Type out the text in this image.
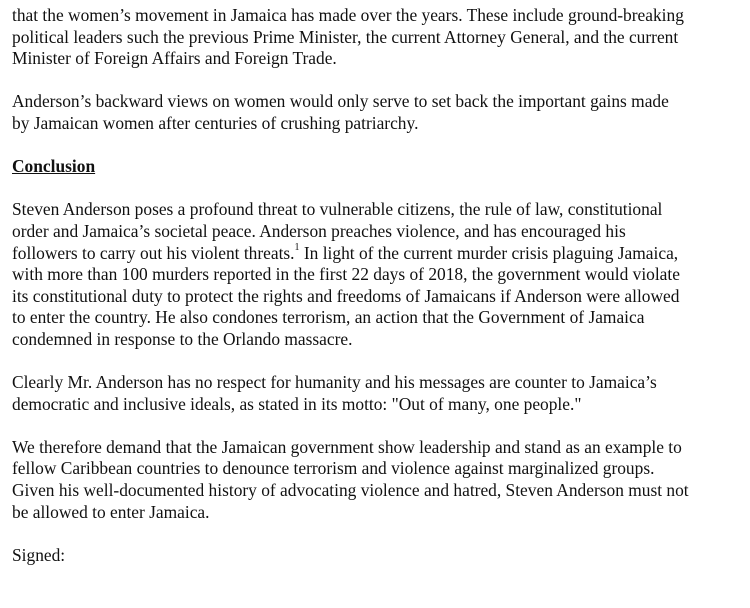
that the women’s movement in Jamaica has made over the years. These include ground-breaking
political leaders such the previous Prime Minister, the current Attorney General, and the current
Minister of Foreign Affairs and Foreign Trade.
Anderson’s backward views on women would only serve to set back the important gains made
by Jamaican women after centuries of crushing patriarchy.
Conclusion
Steven Anderson poses a profound threat to vulnerable citizens, the rule of law, constitutional
order and Jamaica’s societal peace. Anderson preaches violence, and has encouraged his
followers to carry out his violent threats.$^1$ In light of the current murder crisis plaguing Jamaica,
with more than 100 murders reported in the first 22 days of 2018, the government would violate
its constitutional duty to protect the rights and freedoms of Jamaicans if Anderson were allowed
to enter the country. He also condones terrorism, an action that the Government of Jamaica
condemned in response to the Orlando massacre.
Clearly Mr. Anderson has no respect for humanity and his messages are counter to Jamaica’s
democratic and inclusive ideals, as stated in its motto: "Out of many, one people."
We therefore demand that the Jamaican government show leadership and stand as an example to
fellow Caribbean countries to denounce terrorism and violence against marginalized groups.
Given his well-documented history of advocating violence and hatred, Steven Anderson must not
be allowed to enter Jamaica.
Signed:
